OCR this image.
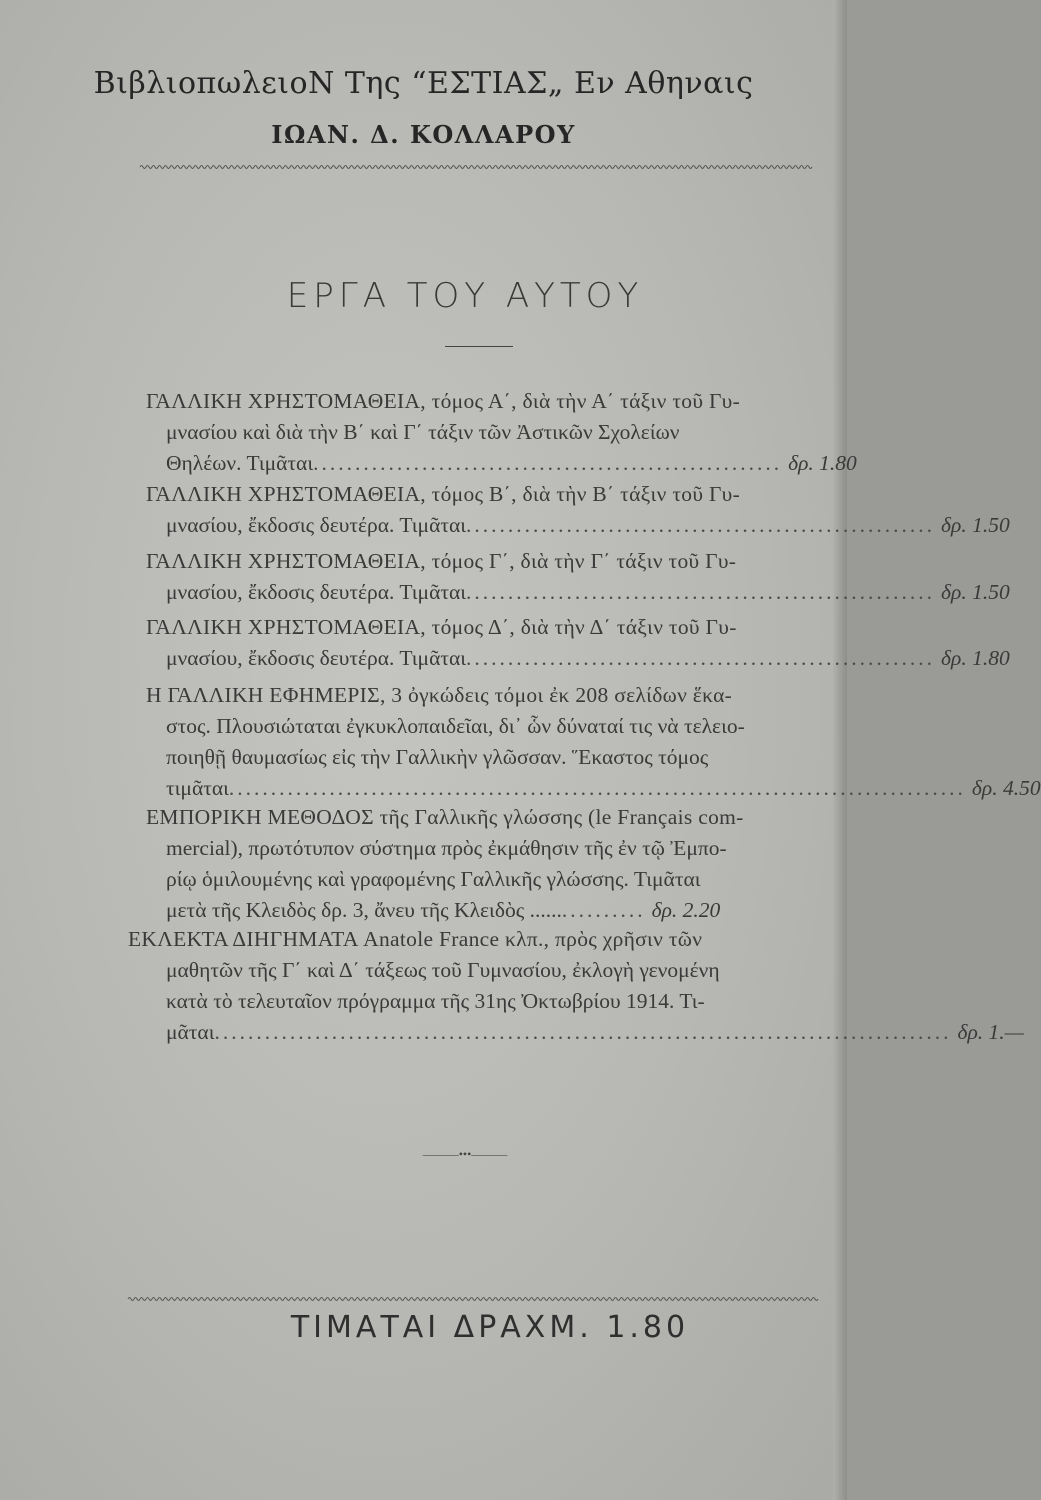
ΒιβλιοπωλειοΝ Της “ΕΣΤΙΑΣ„ Εν Αθηναις
ΙΩΑΝ. Δ. ΚΟΛΛΑΡΟΥ
ΕΡΓΑ ΤΟΥ ΑΥΤΟΥ
ΓΑΛΛΙΚΗ ΧΡΗΣΤΟΜΑΘΕΙΑ, τόμος Α΄, διὰ τὴν Α΄ τάξιν τοῦ Γυ-
μνασίου καὶ διὰ τὴν Β΄ καὶ Γ΄ τάξιν τῶν Ἀστικῶν Σχολείων
Θηλέων. Τιμᾶται........................................................ δρ. 1.80
ΓΑΛΛΙΚΗ ΧΡΗΣΤΟΜΑΘΕΙΑ, τόμος Β΄, διὰ τὴν Β΄ τάξιν τοῦ Γυ-
μνασίου, ἔκδοσις δευτέρα. Τιμᾶται........................................................ δρ. 1.50
ΓΑΛΛΙΚΗ ΧΡΗΣΤΟΜΑΘΕΙΑ, τόμος Γ΄, διὰ τὴν Γ΄ τάξιν τοῦ Γυ-
μνασίου, ἔκδοσις δευτέρα. Τιμᾶται........................................................ δρ. 1.50
ΓΑΛΛΙΚΗ ΧΡΗΣΤΟΜΑΘΕΙΑ, τόμος Δ΄, διὰ τὴν Δ΄ τάξιν τοῦ Γυ-
μνασίου, ἔκδοσις δευτέρα. Τιμᾶται........................................................ δρ. 1.80
Η ΓΑΛΛΙΚΗ ΕΦΗΜΕΡΙΣ, 3 ὀγκώδεις τόμοι ἐκ 208 σελίδων ἕκα-
στος. Πλουσιώταται ἐγκυκλοπαιδεῖαι, δι᾽ ὧν δύναταί τις νὰ τελειο-
ποιηθῇ θαυμασίως εἰς τὴν Γαλλικὴν γλῶσσαν. Ἕκαστος τόμος
τιμᾶται........................................................................................ δρ. 4.50
ΕΜΠΟΡΙΚΗ ΜΕΘΟΔΟΣ τῆς Γαλλικῆς γλώσσης (le Français com-
mercial), πρωτότυπον σύστημα πρὸς ἐκμάθησιν τῆς ἐν τῷ Ἐμπο-
ρίῳ ὁμιλουμένης καὶ γραφομένης Γαλλικῆς γλώσσης. Τιμᾶται
μετὰ τῆς Κλειδὸς δρ. 3, ἄνευ τῆς Κλειδὸς ................ δρ. 2.20
ΕΚΛΕΚΤΑ ΔΙΗΓΗΜΑΤΑ Anatole France κλπ., πρὸς χρῆσιν τῶν
μαθητῶν τῆς Γ΄ καὶ Δ΄ τάξεως τοῦ Γυμνασίου, ἐκλογὴ γενομένη
κατὰ τὸ τελευταῖον πρόγραμμα τῆς 31ης Ὀκτωβρίου 1914. Τι-
μᾶται........................................................................................ δρ. 1.—
———•••———
ΤΙΜΑΤΑΙ ΔΡΑΧΜ. 1.80
